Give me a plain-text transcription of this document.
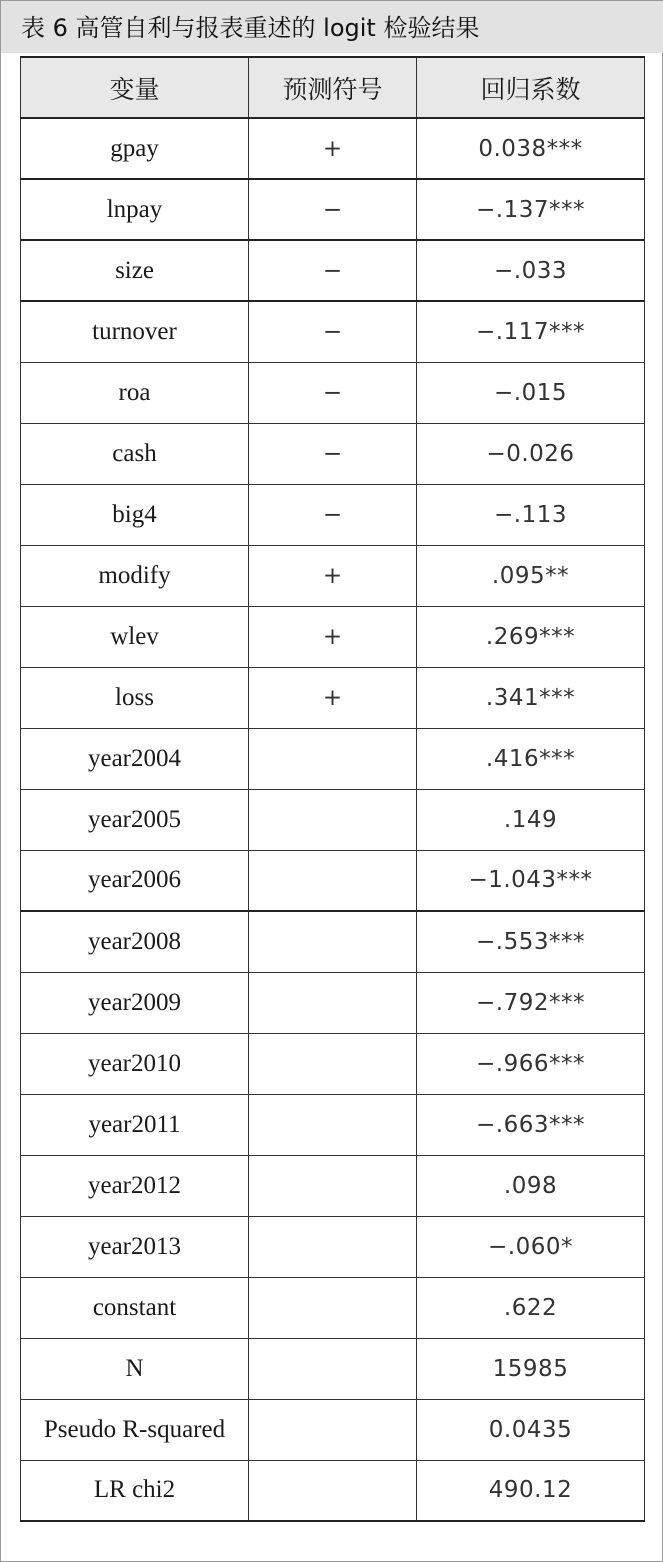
表 6 高管自利与报表重述的 logit 检验结果
变量	预测符号	回归系数
gpay	+	0.038***
lnpay	−	−.137***
size	−	−.033
turnover	−	−.117***
roa	−	−.015
cash	−	−0.026
big4	−	−.113
modify	+	.095**
wlev	+	.269***
loss	+	.341***
year2004		.416***
year2005		.149
year2006		−1.043***
year2008		−.553***
year2009		−.792***
year2010		−.966***
year2011		−.663***
year2012		.098
year2013		−.060*
constant		.622
N		15985
Pseudo R-squared		0.0435
LR chi2		490.12
